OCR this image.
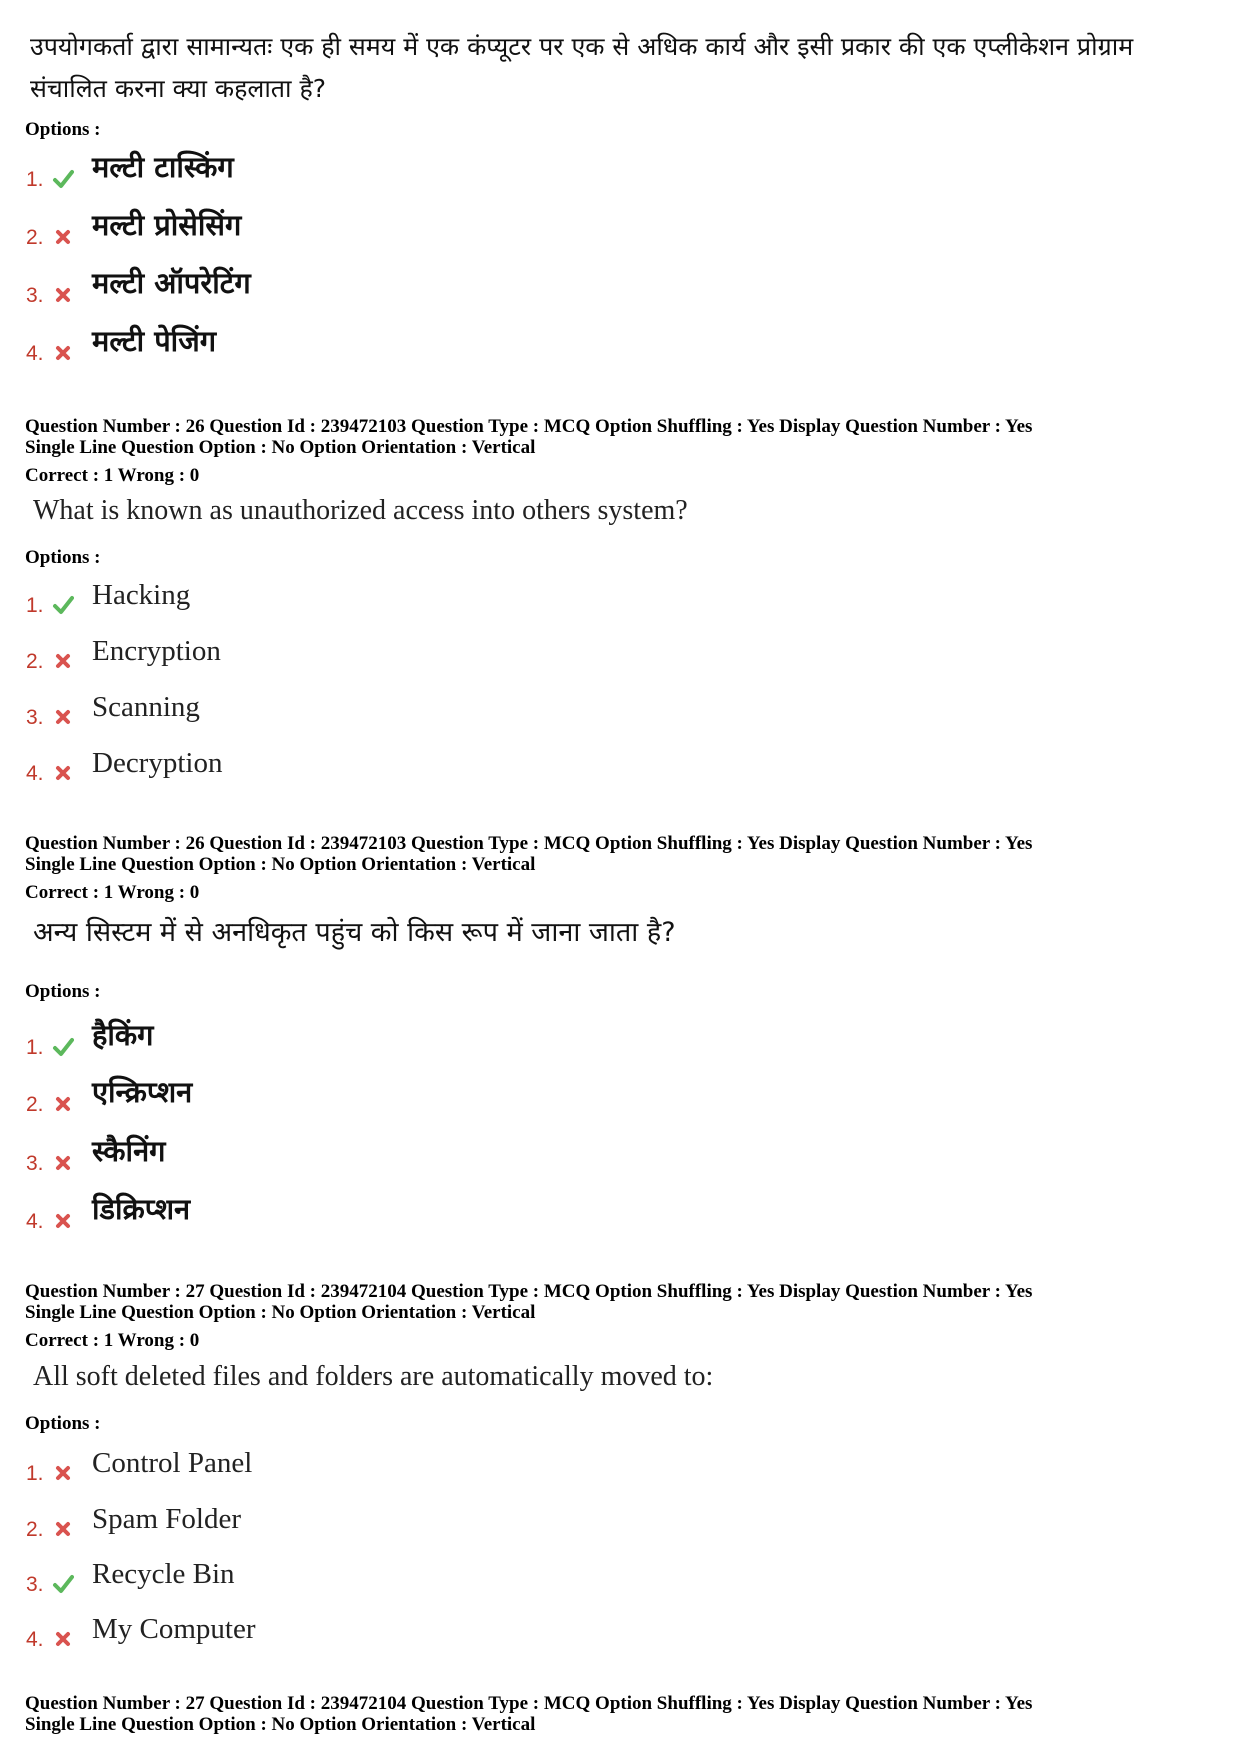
उपयोगकर्ता द्वारा सामान्यतः एक ही समय में एक कंप्यूटर पर एक से अधिक कार्य और इसी प्रकार की एक एप्लीकेशन प्रोग्राम संचालित करना क्या कहलाता है?

Options :
1. मल्टी टास्किंग
2. मल्टी प्रोसेसिंग
3. मल्टी ऑपरेटिंग
4. मल्टी पेजिंग
Question Number : 26 Question Id : 239472103 Question Type : MCQ Option Shuffling : Yes Display Question Number : Yes
Single Line Question Option : No Option Orientation : Vertical
Correct : 1 Wrong : 0

What is known as unauthorized access into others system?

Options :
1. Hacking
2. Encryption
3. Scanning
4. Decryption
Question Number : 26 Question Id : 239472103 Question Type : MCQ Option Shuffling : Yes Display Question Number : Yes
Single Line Question Option : No Option Orientation : Vertical
Correct : 1 Wrong : 0

अन्य सिस्टम में से अनधिकृत पहुंच को किस रूप में जाना जाता है?

Options :
1. हैकिंग
2. एन्क्रिप्शन
3. स्कैनिंग
4. डिक्रिप्शन
Question Number : 27 Question Id : 239472104 Question Type : MCQ Option Shuffling : Yes Display Question Number : Yes
Single Line Question Option : No Option Orientation : Vertical
Correct : 1 Wrong : 0

All soft deleted files and folders are automatically moved to:

Options :
1. Control Panel
2. Spam Folder
3. Recycle Bin
4. My Computer
Question Number : 27 Question Id : 239472104 Question Type : MCQ Option Shuffling : Yes Display Question Number : Yes
Single Line Question Option : No Option Orientation : Vertical
